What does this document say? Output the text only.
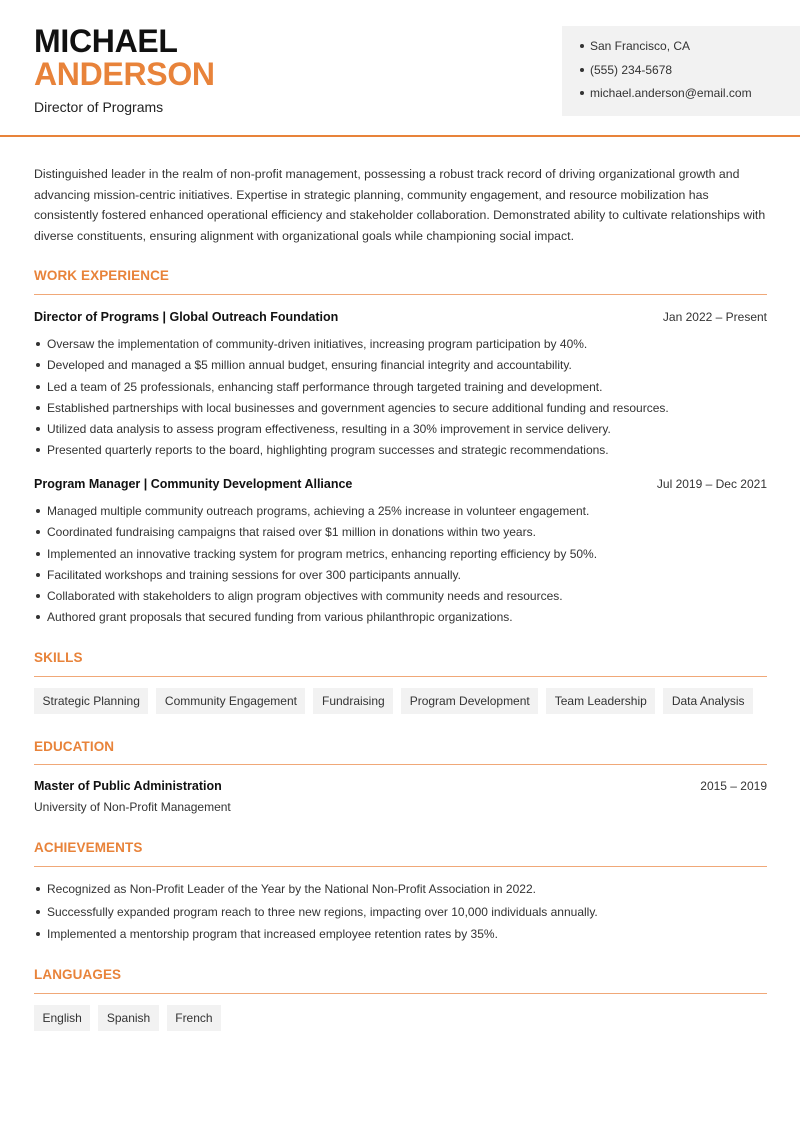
MICHAEL
ANDERSON
Director of Programs
San Francisco, CA
(555) 234-5678
michael.anderson@email.com

Distinguished leader in the realm of non-profit management, possessing a robust track record of driving organizational growth and advancing mission-centric initiatives. Expertise in strategic planning, community engagement, and resource mobilization has consistently fostered enhanced operational efficiency and stakeholder collaboration. Demonstrated ability to cultivate relationships with diverse constituents, ensuring alignment with organizational goals while championing social impact.

WORK EXPERIENCE
Director of Programs | Global Outreach Foundation	Jan 2022 – Present
Oversaw the implementation of community-driven initiatives, increasing program participation by 40%.
Developed and managed a $5 million annual budget, ensuring financial integrity and accountability.
Led a team of 25 professionals, enhancing staff performance through targeted training and development.
Established partnerships with local businesses and government agencies to secure additional funding and resources.
Utilized data analysis to assess program effectiveness, resulting in a 30% improvement in service delivery.
Presented quarterly reports to the board, highlighting program successes and strategic recommendations.
Program Manager | Community Development Alliance	Jul 2019 – Dec 2021
Managed multiple community outreach programs, achieving a 25% increase in volunteer engagement.
Coordinated fundraising campaigns that raised over $1 million in donations within two years.
Implemented an innovative tracking system for program metrics, enhancing reporting efficiency by 50%.
Facilitated workshops and training sessions for over 300 participants annually.
Collaborated with stakeholders to align program objectives with community needs and resources.
Authored grant proposals that secured funding from various philanthropic organizations.
SKILLS
Strategic Planning	Community Engagement	Fundraising	Program Development	Team Leadership	Data Analysis
EDUCATION
Master of Public Administration	2015 – 2019
University of Non-Profit Management
ACHIEVEMENTS
Recognized as Non-Profit Leader of the Year by the National Non-Profit Association in 2022.
Successfully expanded program reach to three new regions, impacting over 10,000 individuals annually.
Implemented a mentorship program that increased employee retention rates by 35%.
LANGUAGES
English	Spanish	French
